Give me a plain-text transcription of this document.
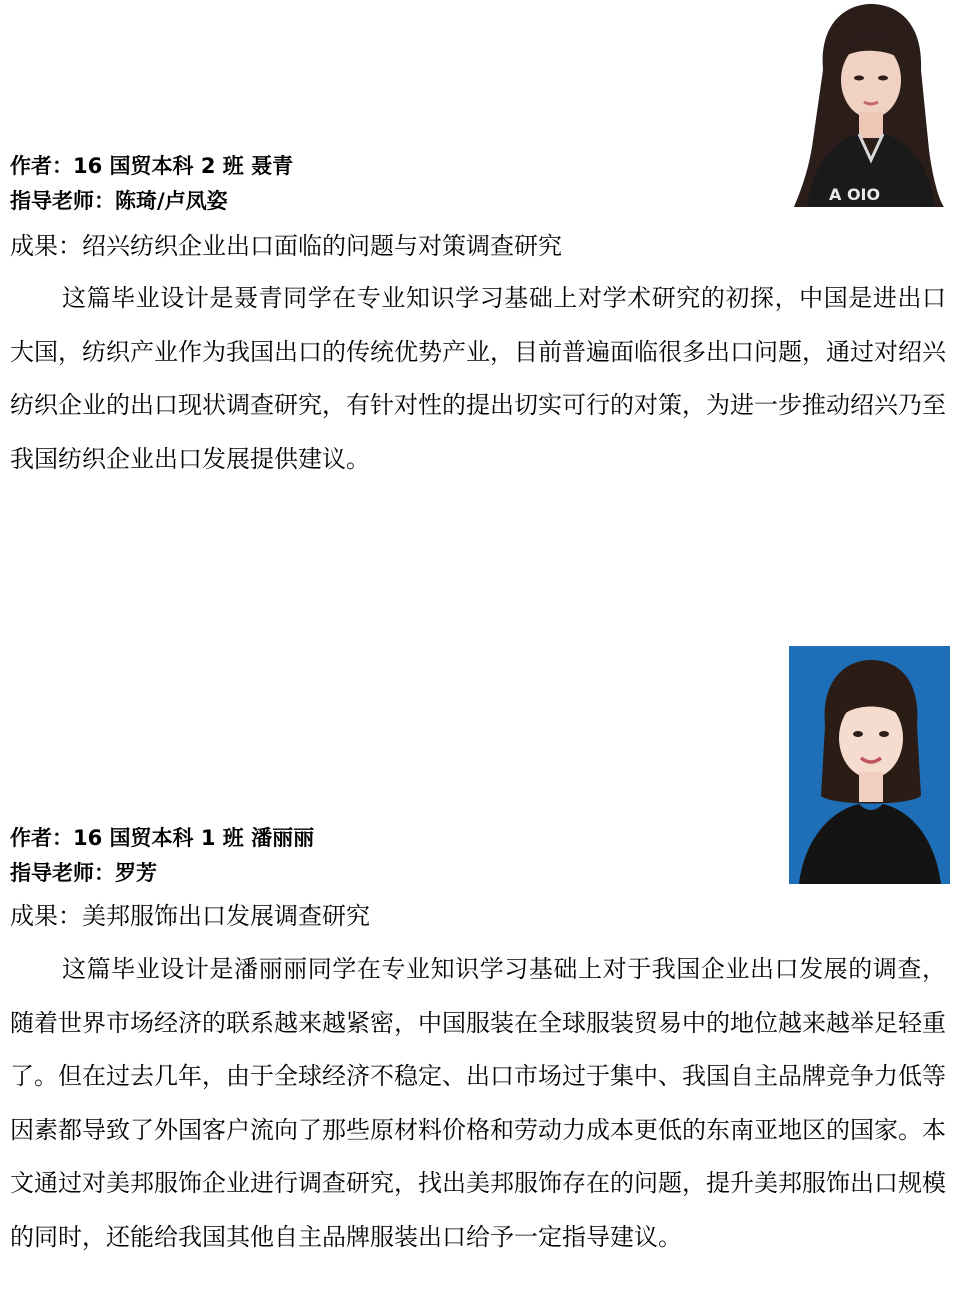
A OIO
作者：16 国贸本科 2 班 聂青
指导老师：陈琦/卢凤姿
成果：绍兴纺织企业出口面临的问题与对策调查研究

这篇毕业设计是聂青同学在专业知识学习基础上对学术研究的初探，中国是进出口大国，纺织产业作为我国出口的传统优势产业，目前普遍面临很多出口问题，通过对绍兴纺织企业的出口现状调查研究，有针对性的提出切实可行的对策，为进一步推动绍兴乃至我国纺织企业出口发展提供建议。

作者：16 国贸本科 1 班 潘丽丽
指导老师：罗芳
成果：美邦服饰出口发展调查研究

这篇毕业设计是潘丽丽同学在专业知识学习基础上对于我国企业出口发展的调查，随着世界市场经济的联系越来越紧密，中国服装在全球服装贸易中的地位越来越举足轻重了。但在过去几年，由于全球经济不稳定、出口市场过于集中、我国自主品牌竞争力低等因素都导致了外国客户流向了那些原材料价格和劳动力成本更低的东南亚地区的国家。本文通过对美邦服饰企业进行调查研究，找出美邦服饰存在的问题，提升美邦服饰出口规模的同时，还能给我国其他自主品牌服装出口给予一定指导建议。
